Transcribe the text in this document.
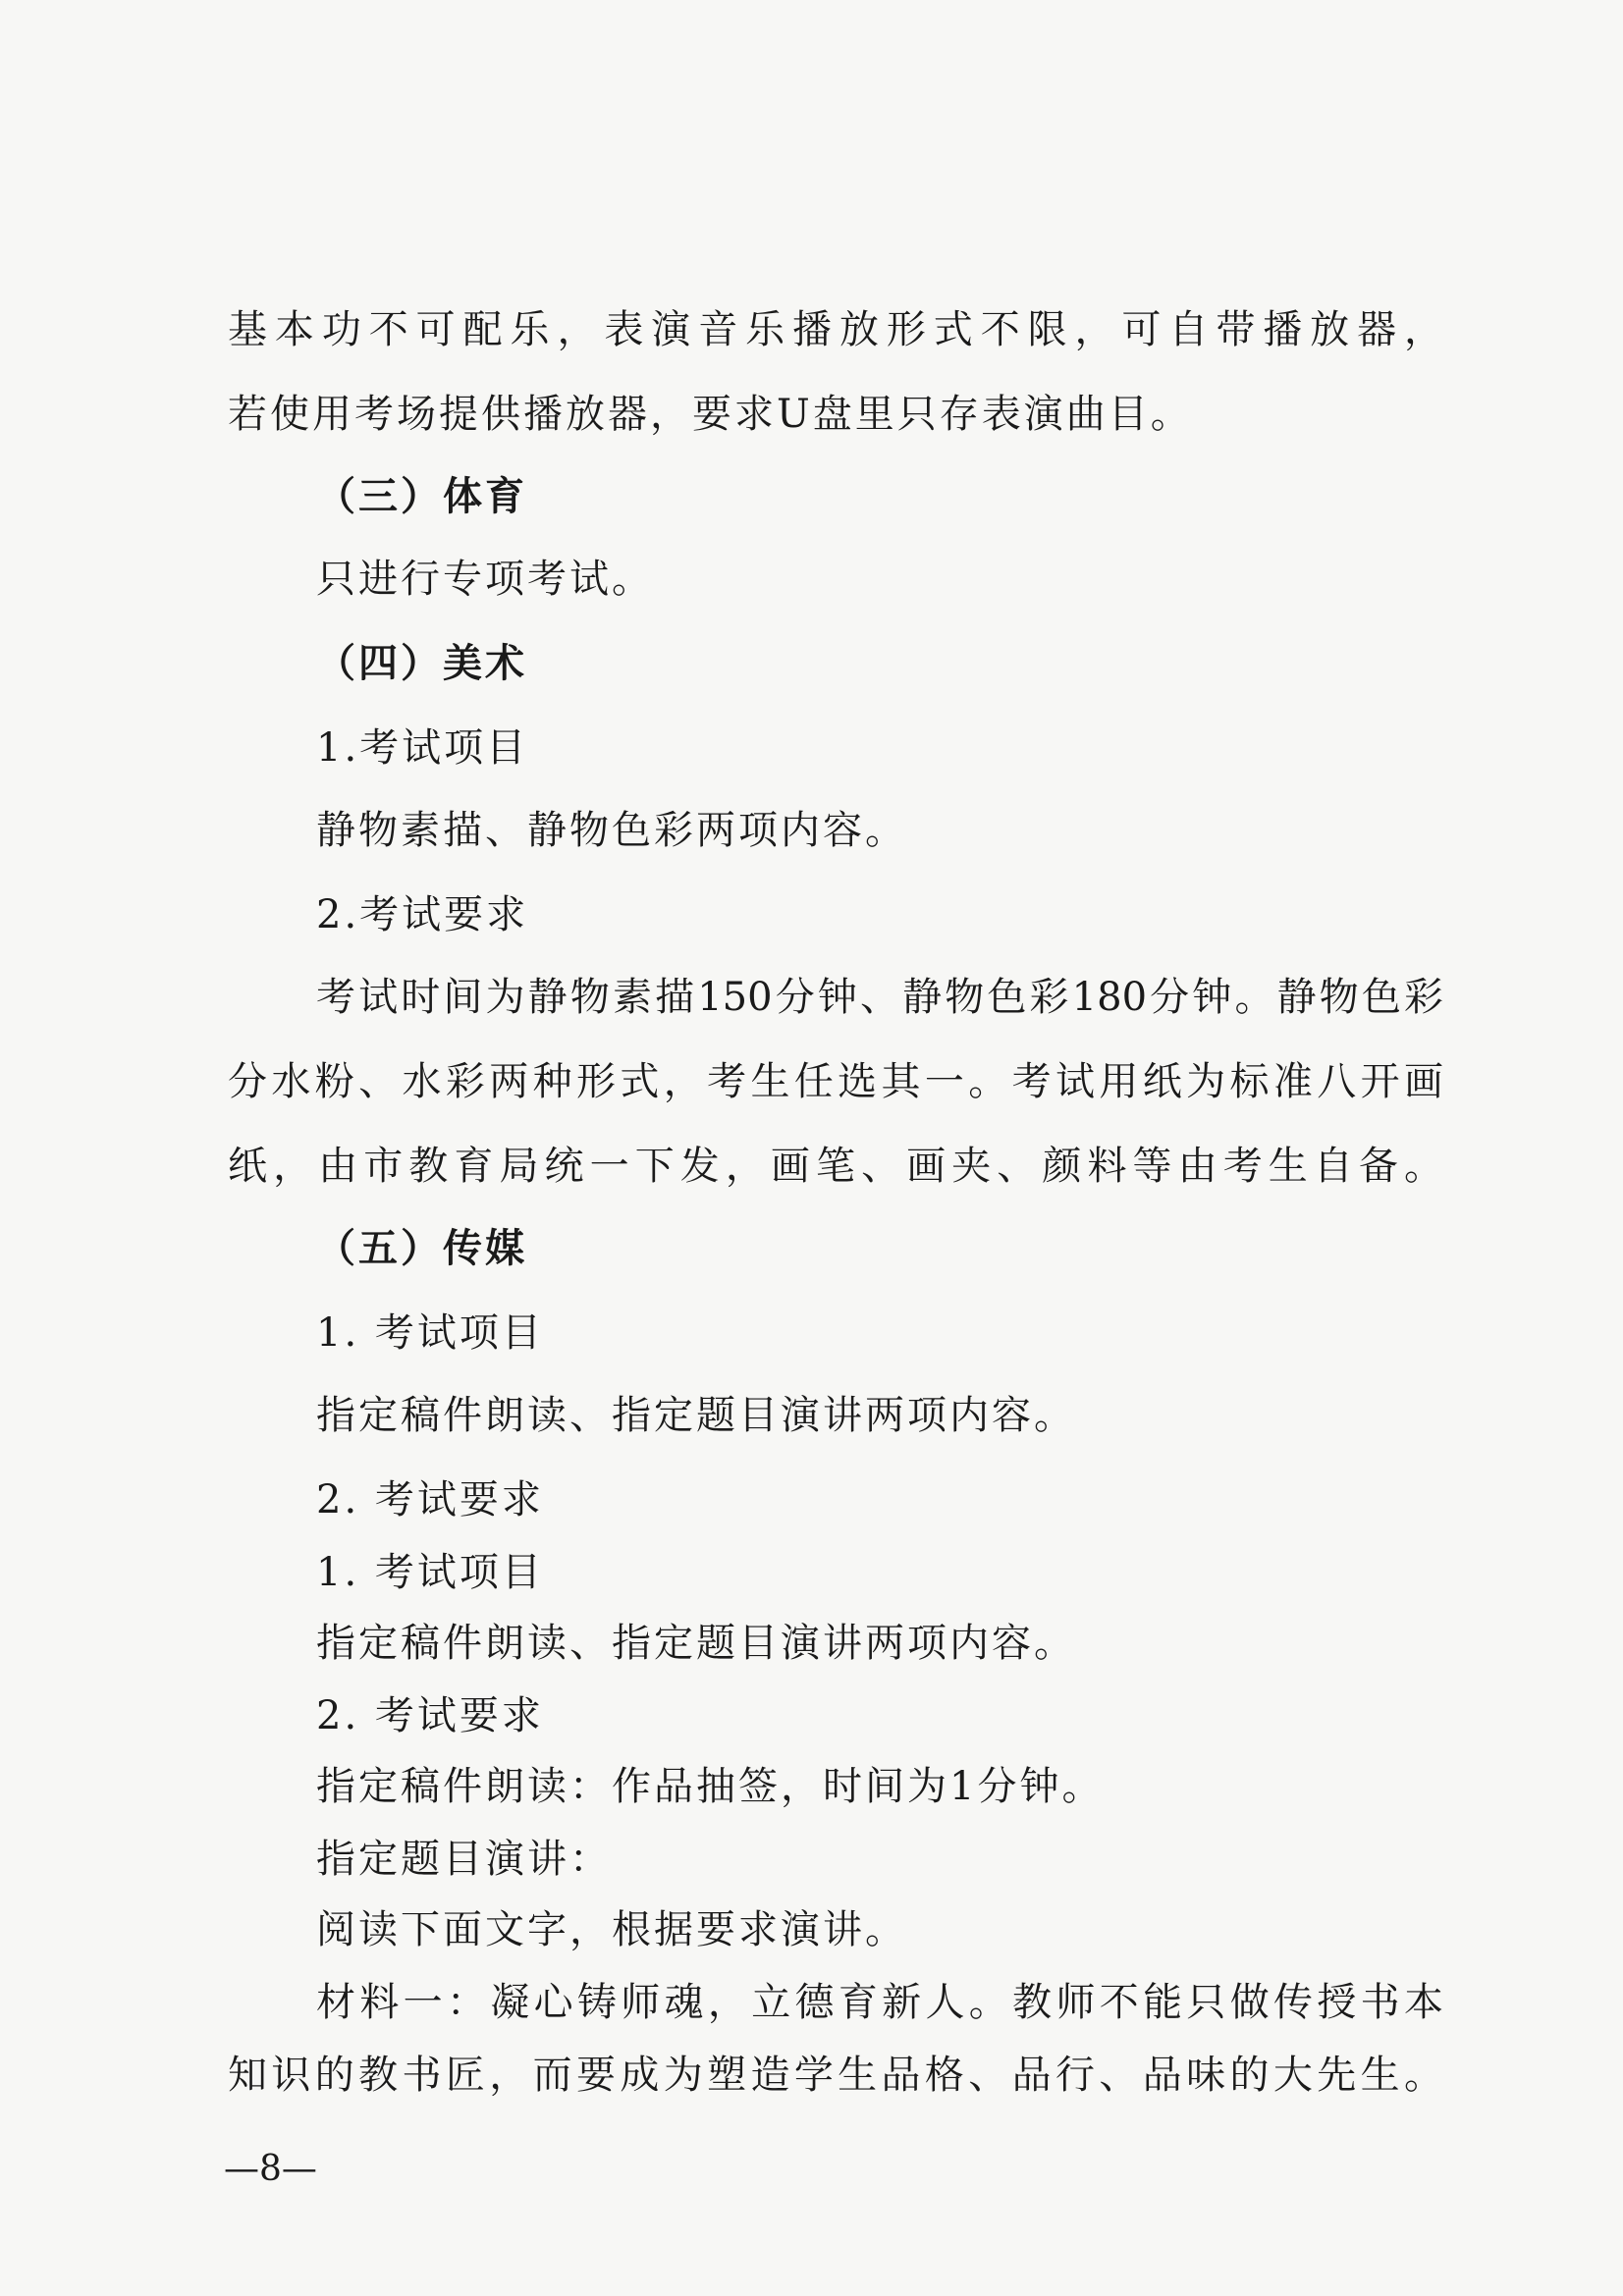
基本功不可配乐，表演音乐播放形式不限，可自带播放器，
若使用考场提供播放器，要求U盘里只存表演曲目。
（三）体育
只进行专项考试。
（四）美术
1.考试项目
静物素描、静物色彩两项内容。
2.考试要求
考试时间为静物素描150分钟、静物色彩180分钟。静物色彩
分水粉、水彩两种形式，考生任选其一。考试用纸为标准八开画
纸，由市教育局统一下发，画笔、画夹、颜料等由考生自备。
（五）传媒
1. 考试项目
指定稿件朗读、指定题目演讲两项内容。
2. 考试要求
1. 考试项目
指定稿件朗读、指定题目演讲两项内容。
2. 考试要求
指定稿件朗读：作品抽签，时间为1分钟。
指定题目演讲：
阅读下面文字，根据要求演讲。
材料一：凝心铸师魂，立德育新人。教师不能只做传授书本
知识的教书匠，而要成为塑造学生品格、品行、品味的大先生。
—8—
